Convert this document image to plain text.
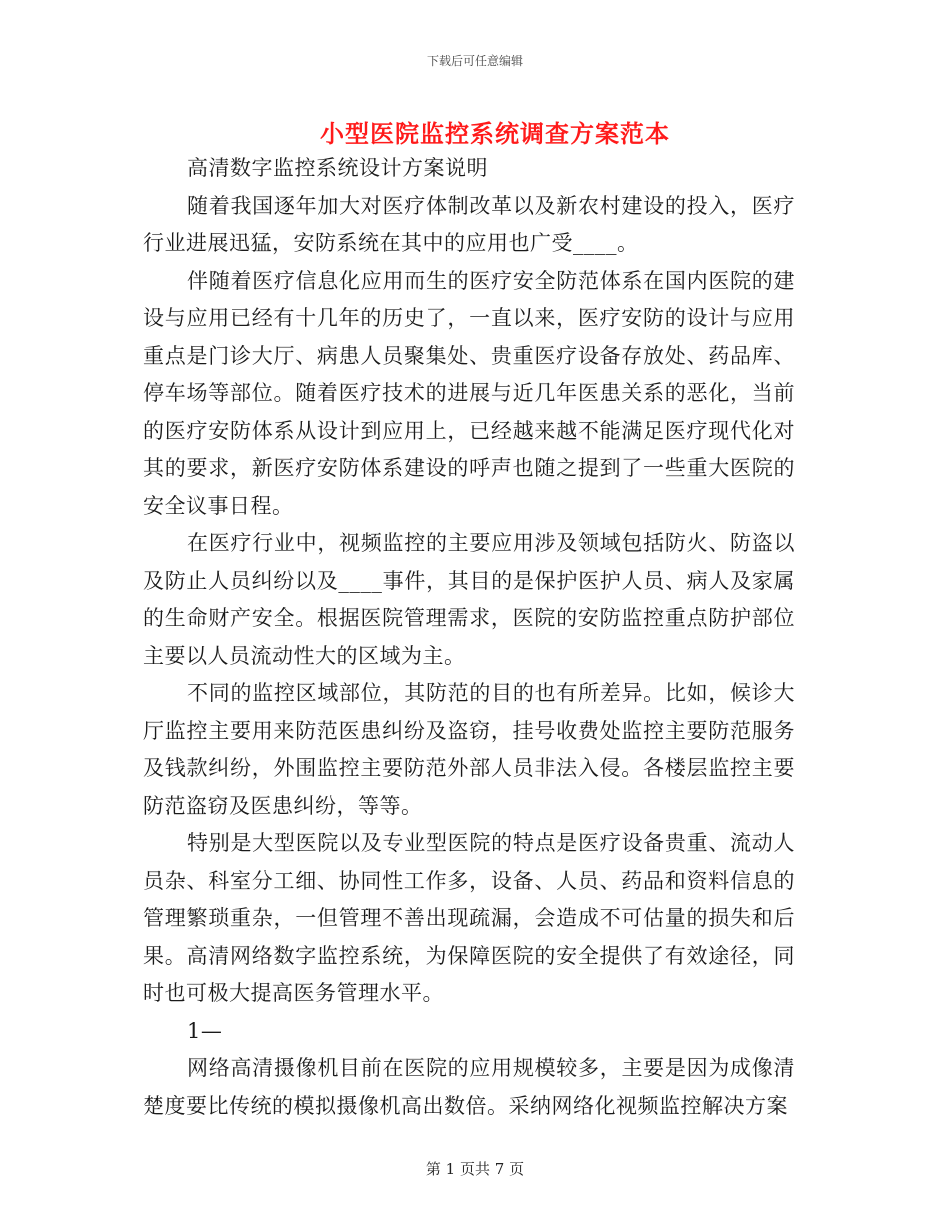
下载后可任意编辑
小型医院监控系统调查方案范本

高清数字监控系统设计方案说明

随着我国逐年加大对医疗体制改革以及新农村建设的投入，医疗行业进展迅猛，安防系统在其中的应用也广受____。

伴随着医疗信息化应用而生的医疗安全防范体系在国内医院的建设与应用已经有十几年的历史了，一直以来，医疗安防的设计与应用重点是门诊大厅、病患人员聚集处、贵重医疗设备存放处、药品库、停车场等部位。随着医疗技术的进展与近几年医患关系的恶化，当前的医疗安防体系从设计到应用上，已经越来越不能满足医疗现代化对其的要求，新医疗安防体系建设的呼声也随之提到了一些重大医院的安全议事日程。

在医疗行业中，视频监控的主要应用涉及领域包括防火、防盗以及防止人员纠纷以及____事件，其目的是保护医护人员、病人及家属的生命财产安全。根据医院管理需求，医院的安防监控重点防护部位主要以人员流动性大的区域为主。

不同的监控区域部位，其防范的目的也有所差异。比如，候诊大厅监控主要用来防范医患纠纷及盗窃，挂号收费处监控主要防范服务及钱款纠纷，外围监控主要防范外部人员非法入侵。各楼层监控主要防范盗窃及医患纠纷，等等。

特别是大型医院以及专业型医院的特点是医疗设备贵重、流动人员杂、科室分工细、协同性工作多，设备、人员、药品和资料信息的管理繁琐重杂，一但管理不善出现疏漏，会造成不可估量的损失和后果。高清网络数字监控系统，为保障医院的安全提供了有效途径，同时也可极大提高医务管理水平。

1—

网络高清摄像机目前在医院的应用规模较多，主要是因为成像清楚度要比传统的模拟摄像机高出数倍。采纳网络化视频监控解决方案

第 1 页共 7 页
